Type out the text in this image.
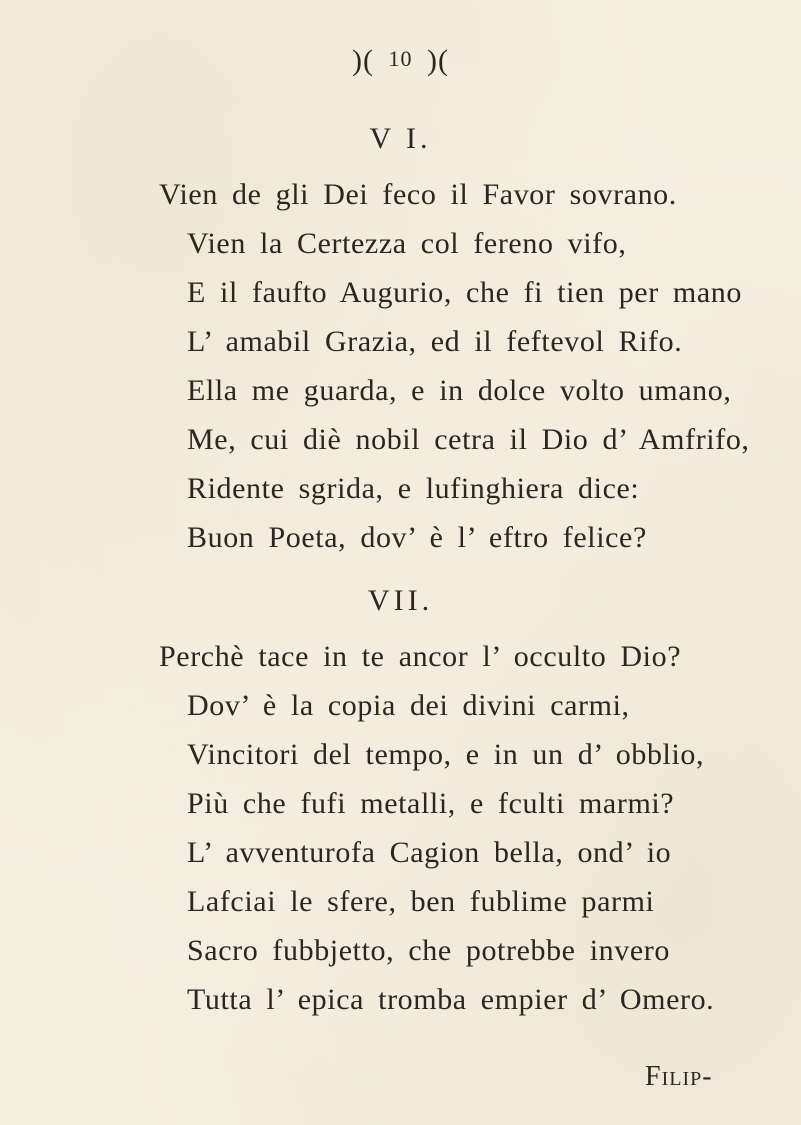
)( 10 )(
V I.
Vien de gli Dei feco il Favor sovrano.
Vien la Certezza col fereno vifo,
E il faufto Augurio, che fi tien per mano
L’ amabil Grazia, ed il feftevol Rifo.
Ella me guarda, e in dolce volto umano,
Me, cui diè nobil cetra il Dio d’ Amfrifo,
Ridente sgrida, e lufinghiera dice:
Buon Poeta, dov’ è l’ eftro felice?
VII.
Perchè tace in te ancor l’ occulto Dio?
Dov’ è la copia dei divini carmi,
Vincitori del tempo, e in un d’ obblio,
Più che fufi metalli, e fculti marmi?
L’ avventurofa Cagion bella, ond’ io
Lafciai le sfere, ben fublime parmi
Sacro fubbjetto, che potrebbe invero
Tutta l’ epica tromba empier d’ Omero.
Filip-
